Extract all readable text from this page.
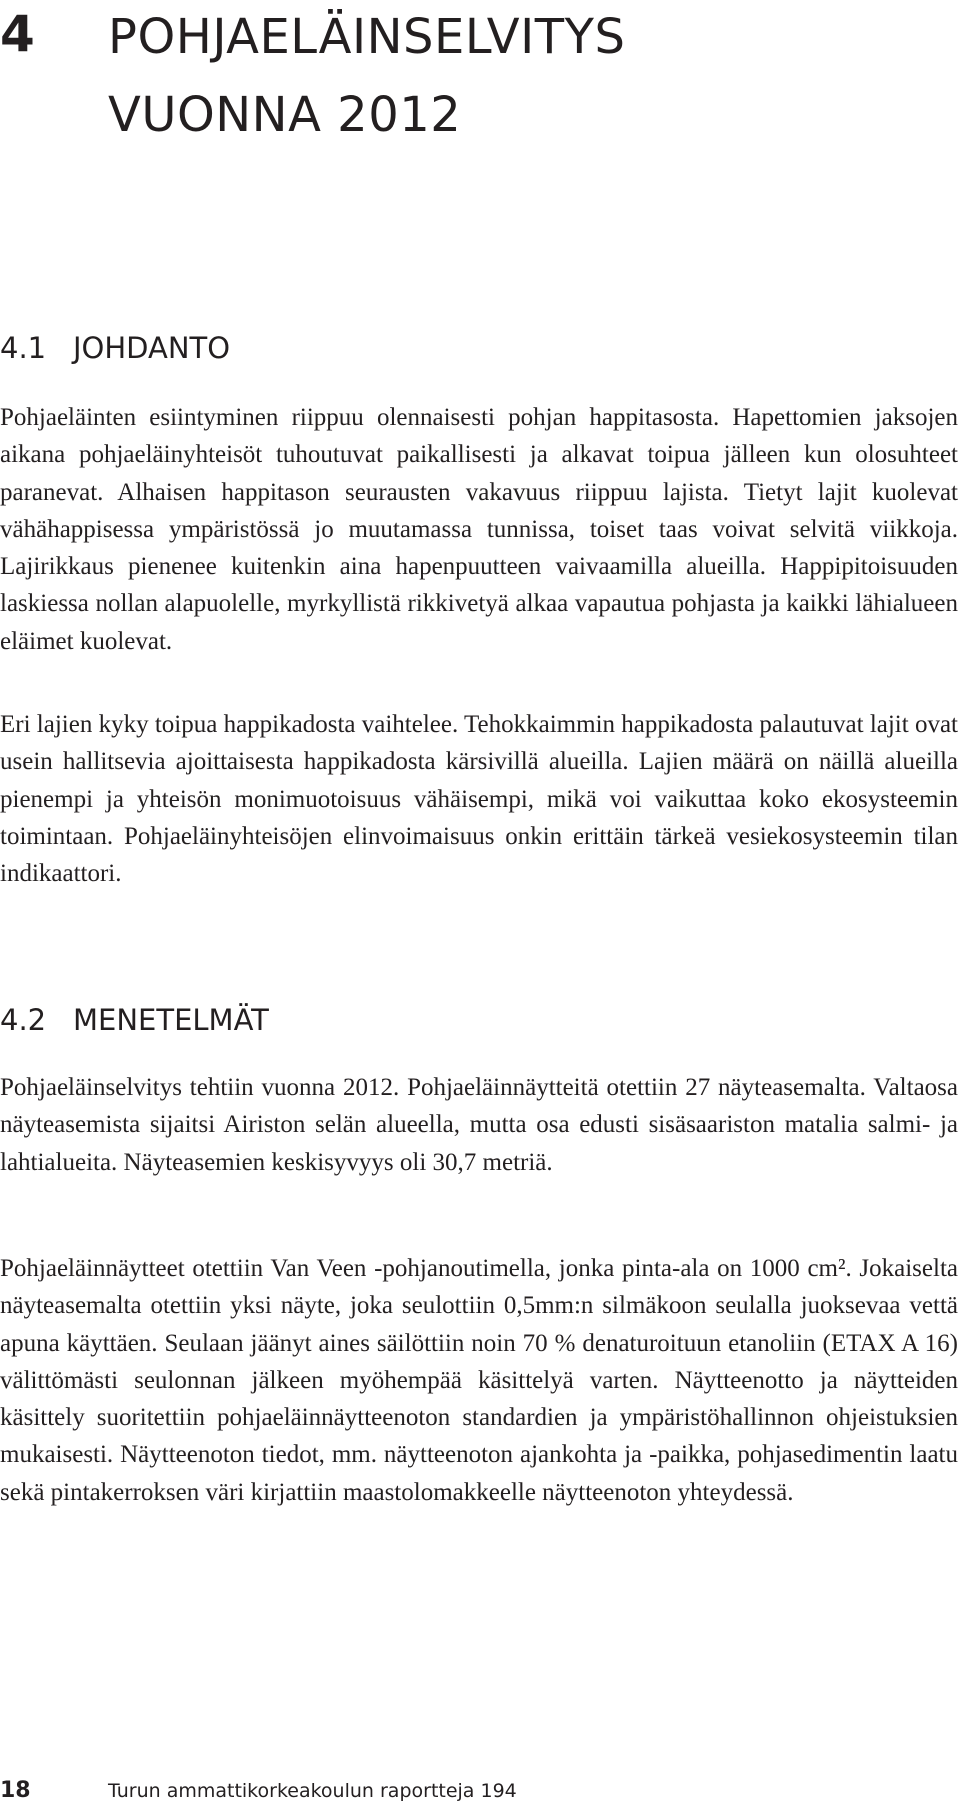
4	POHJAELÄINSELVITYS
VUONNA 2012
4.1 JOHDANTO

Pohjaeläinten esiintyminen riippuu olennaisesti pohjan happitasosta. Hapettomien jaksojen aikana pohjaeläinyhteisöt tuhoutuvat paikallisesti ja alkavat toipua jälleen kun olosuhteet paranevat. Alhaisen happitason seurausten vakavuus riippuu lajista. Tietyt lajit kuolevat vähähappisessa ympäristössä jo muutamassa tunnissa, toiset taas voivat selvitä viikkoja. Lajirikkaus pienenee kuitenkin aina hapenpuutteen vaivaamilla alueilla. Happipitoisuuden laskiessa nollan alapuolelle, myrkyllistä rikkivetyä alkaa vapautua pohjasta ja kaikki lähialueen eläimet kuolevat.

Eri lajien kyky toipua happikadosta vaihtelee. Tehokkaimmin happikadosta palautuvat lajit ovat usein hallitsevia ajoittaisesta happikadosta kärsivillä alueilla. Lajien määrä on näillä alueilla pienempi ja yhteisön monimuotoisuus vähäisempi, mikä voi vaikuttaa koko ekosysteemin toimintaan. Pohjaeläinyhteisöjen elinvoimaisuus onkin erittäin tärkeä vesiekosysteemin tilan indikaattori.

4.2 MENETELMÄT

Pohjaeläinselvitys tehtiin vuonna 2012. Pohjaeläinnäytteitä otettiin 27 näyteasemalta. Valtaosa näyteasemista sijaitsi Airiston selän alueella, mutta osa edusti sisäsaariston matalia salmi- ja lahtialueita. Näyteasemien keskisyvyys oli 30,7 metriä.

Pohjaeläinnäytteet otettiin Van Veen -pohjanoutimella, jonka pinta-ala on 1000 cm². Jokaiselta näyteasemalta otettiin yksi näyte, joka seulottiin 0,5mm:n silmäkoon seulalla juoksevaa vettä apuna käyttäen. Seulaan jäänyt aines säilöttiin noin 70 % denaturoituun etanoliin (ETAX A 16) välittömästi seulonnan jälkeen myöhempää käsittelyä varten. Näytteenotto ja näytteiden käsittely suoritettiin pohjaeläinnäytteenoton standardien ja ympäristöhallinnon ohjeistuksien mukaisesti. Näytteenoton tiedot, mm. näytteenoton ajankohta ja -paikka, pohjasedimentin laatu sekä pintakerroksen väri kirjattiin maastolomakkeelle näytteenoton yhteydessä.

18	Turun ammattikorkeakoulun raportteja 194
